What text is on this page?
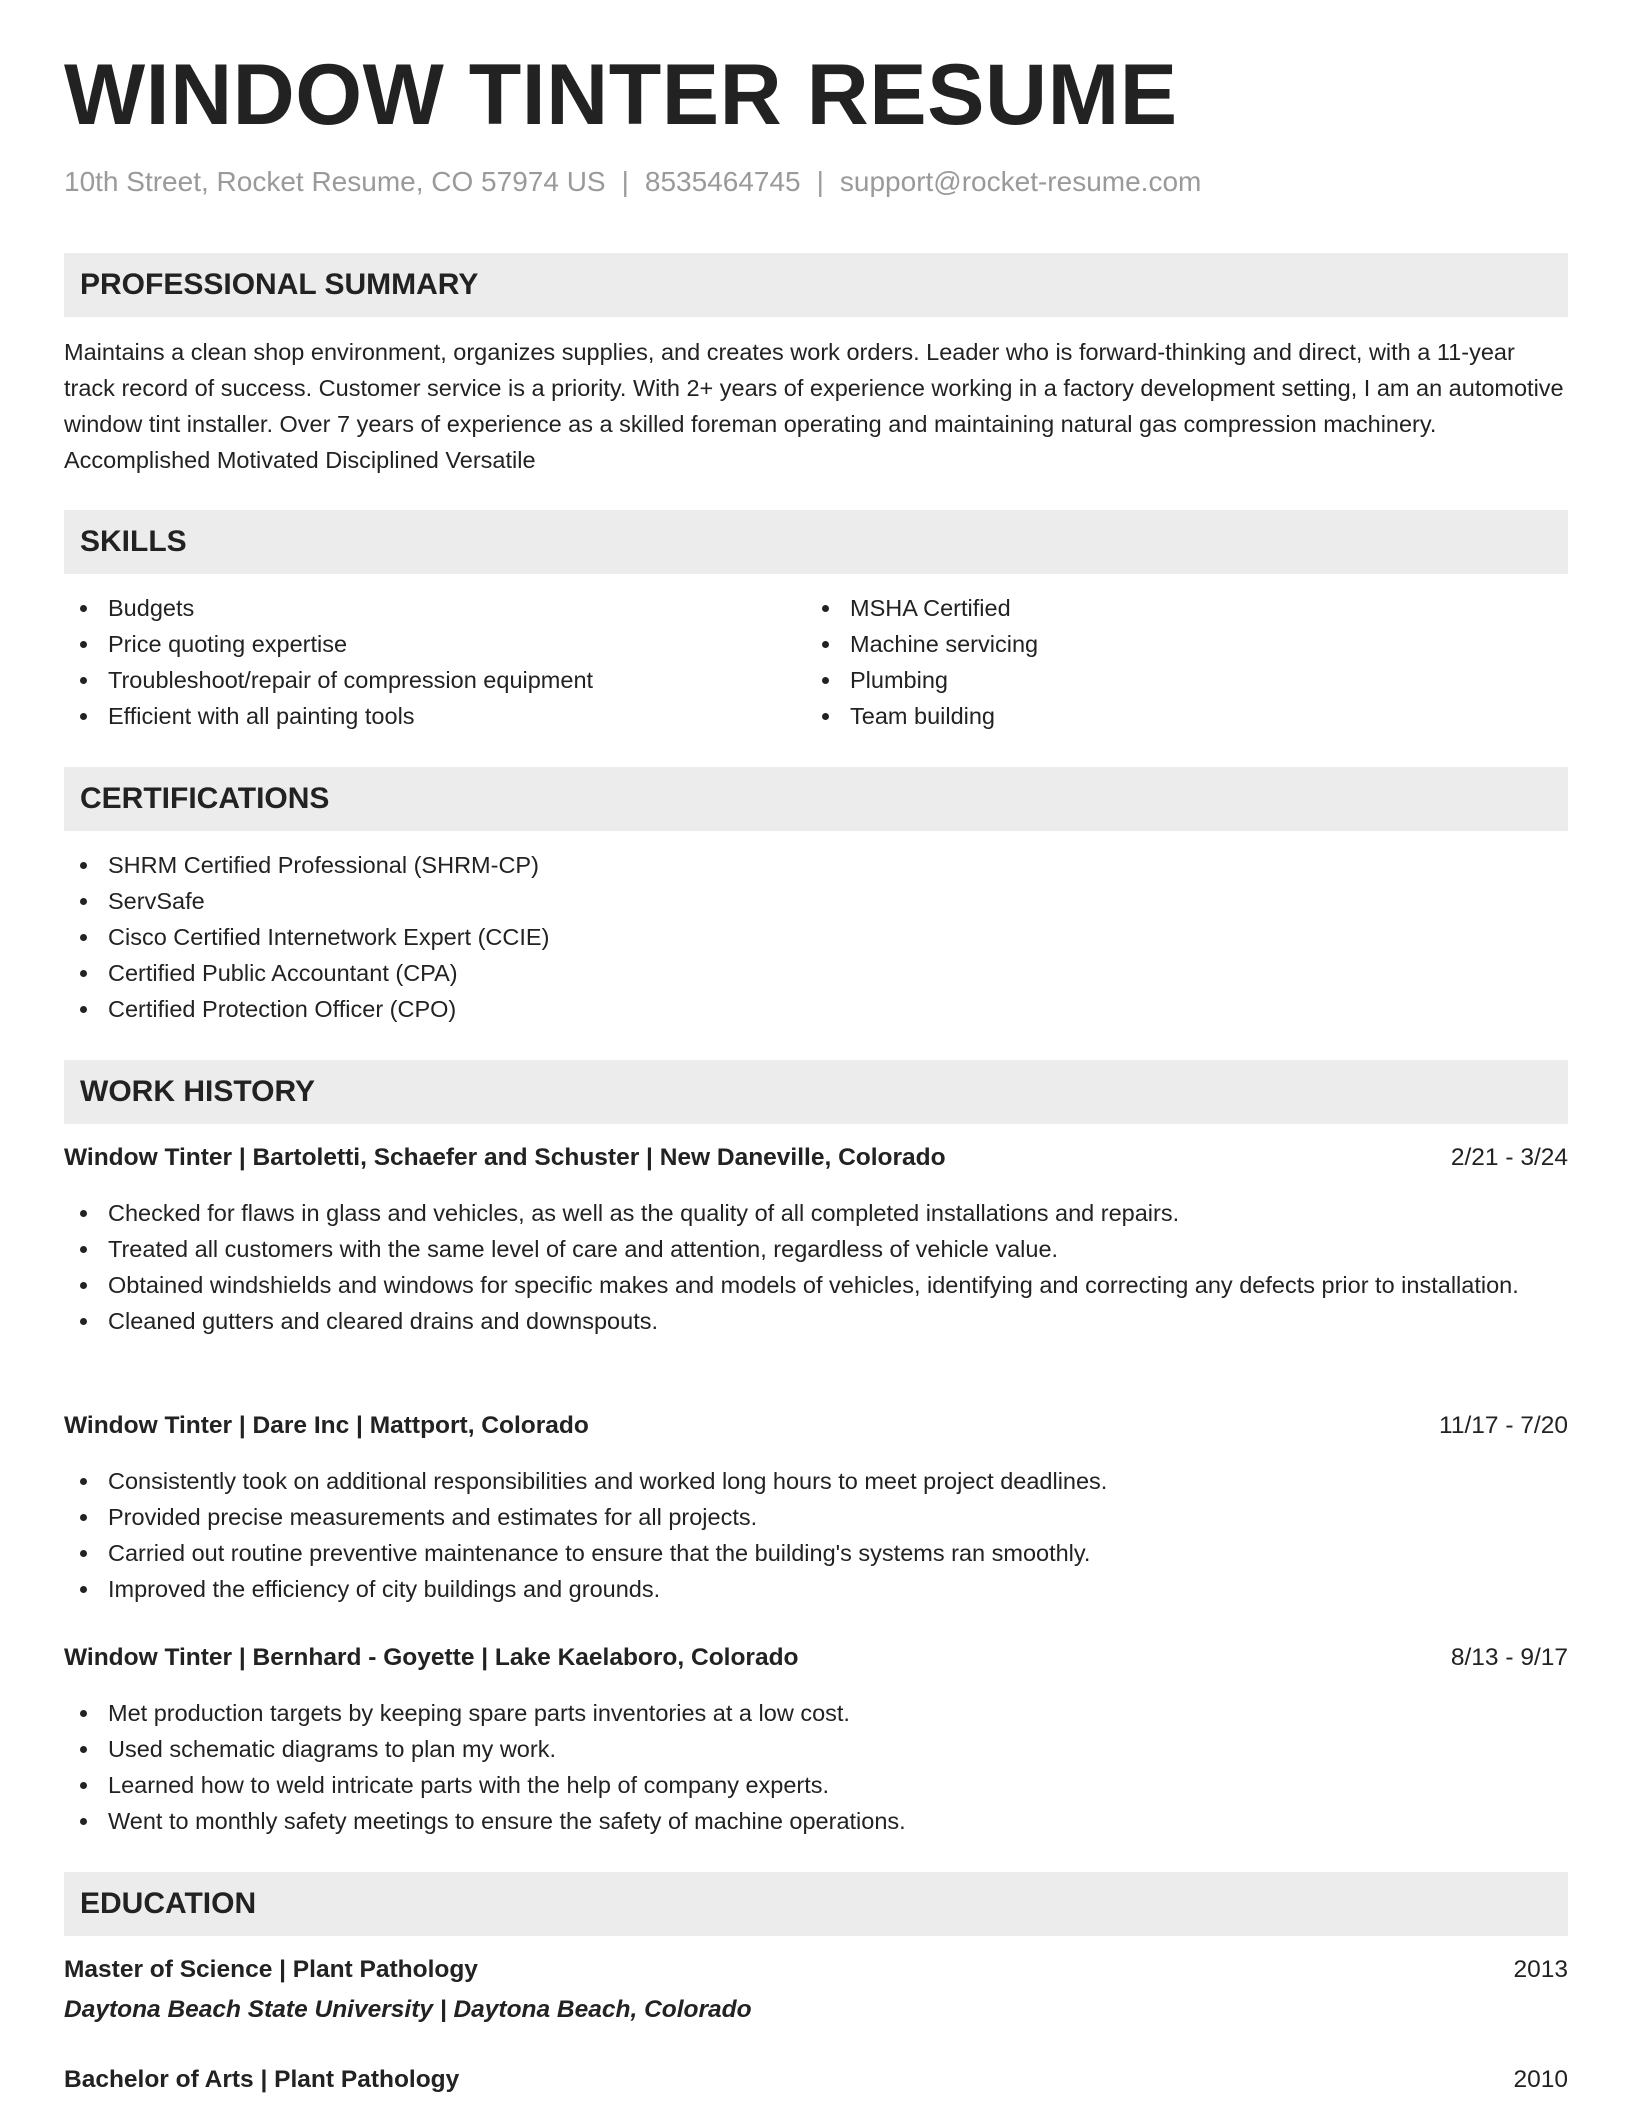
WINDOW TINTER RESUME
10th Street, Rocket Resume, CO 57974 US | 8535464745 | support@rocket-resume.com
PROFESSIONAL SUMMARY

Maintains a clean shop environment, organizes supplies, and creates work orders. Leader who is forward-thinking and direct, with a 11-year track record of success. Customer service is a priority. With 2+ years of experience working in a factory development setting, I am an automotive window tint installer. Over 7 years of experience as a skilled foreman operating and maintaining natural gas compression machinery. Accomplished Motivated Disciplined Versatile

SKILLS
Budgets
Price quoting expertise
Troubleshoot/repair of compression equipment
Efficient with all painting tools
MSHA Certified
Machine servicing
Plumbing
Team building
CERTIFICATIONS
SHRM Certified Professional (SHRM-CP)
ServSafe
Cisco Certified Internetwork Expert (CCIE)
Certified Public Accountant (CPA)
Certified Protection Officer (CPO)
WORK HISTORY
Window Tinter | Bartoletti, Schaefer and Schuster | New Daneville, Colorado	2/21 - 3/24
Checked for flaws in glass and vehicles, as well as the quality of all completed installations and repairs.
Treated all customers with the same level of care and attention, regardless of vehicle value.
Obtained windshields and windows for specific makes and models of vehicles, identifying and correcting any defects prior to installation.
Cleaned gutters and cleared drains and downspouts.
Window Tinter | Dare Inc | Mattport, Colorado	11/17 - 7/20
Consistently took on additional responsibilities and worked long hours to meet project deadlines.
Provided precise measurements and estimates for all projects.
Carried out routine preventive maintenance to ensure that the building's systems ran smoothly.
Improved the efficiency of city buildings and grounds.
Window Tinter | Bernhard - Goyette | Lake Kaelaboro, Colorado	8/13 - 9/17
Met production targets by keeping spare parts inventories at a low cost.
Used schematic diagrams to plan my work.
Learned how to weld intricate parts with the help of company experts.
Went to monthly safety meetings to ensure the safety of machine operations.
EDUCATION
Master of Science | Plant Pathology	2013
Daytona Beach State University | Daytona Beach, Colorado
Bachelor of Arts | Plant Pathology	2010
